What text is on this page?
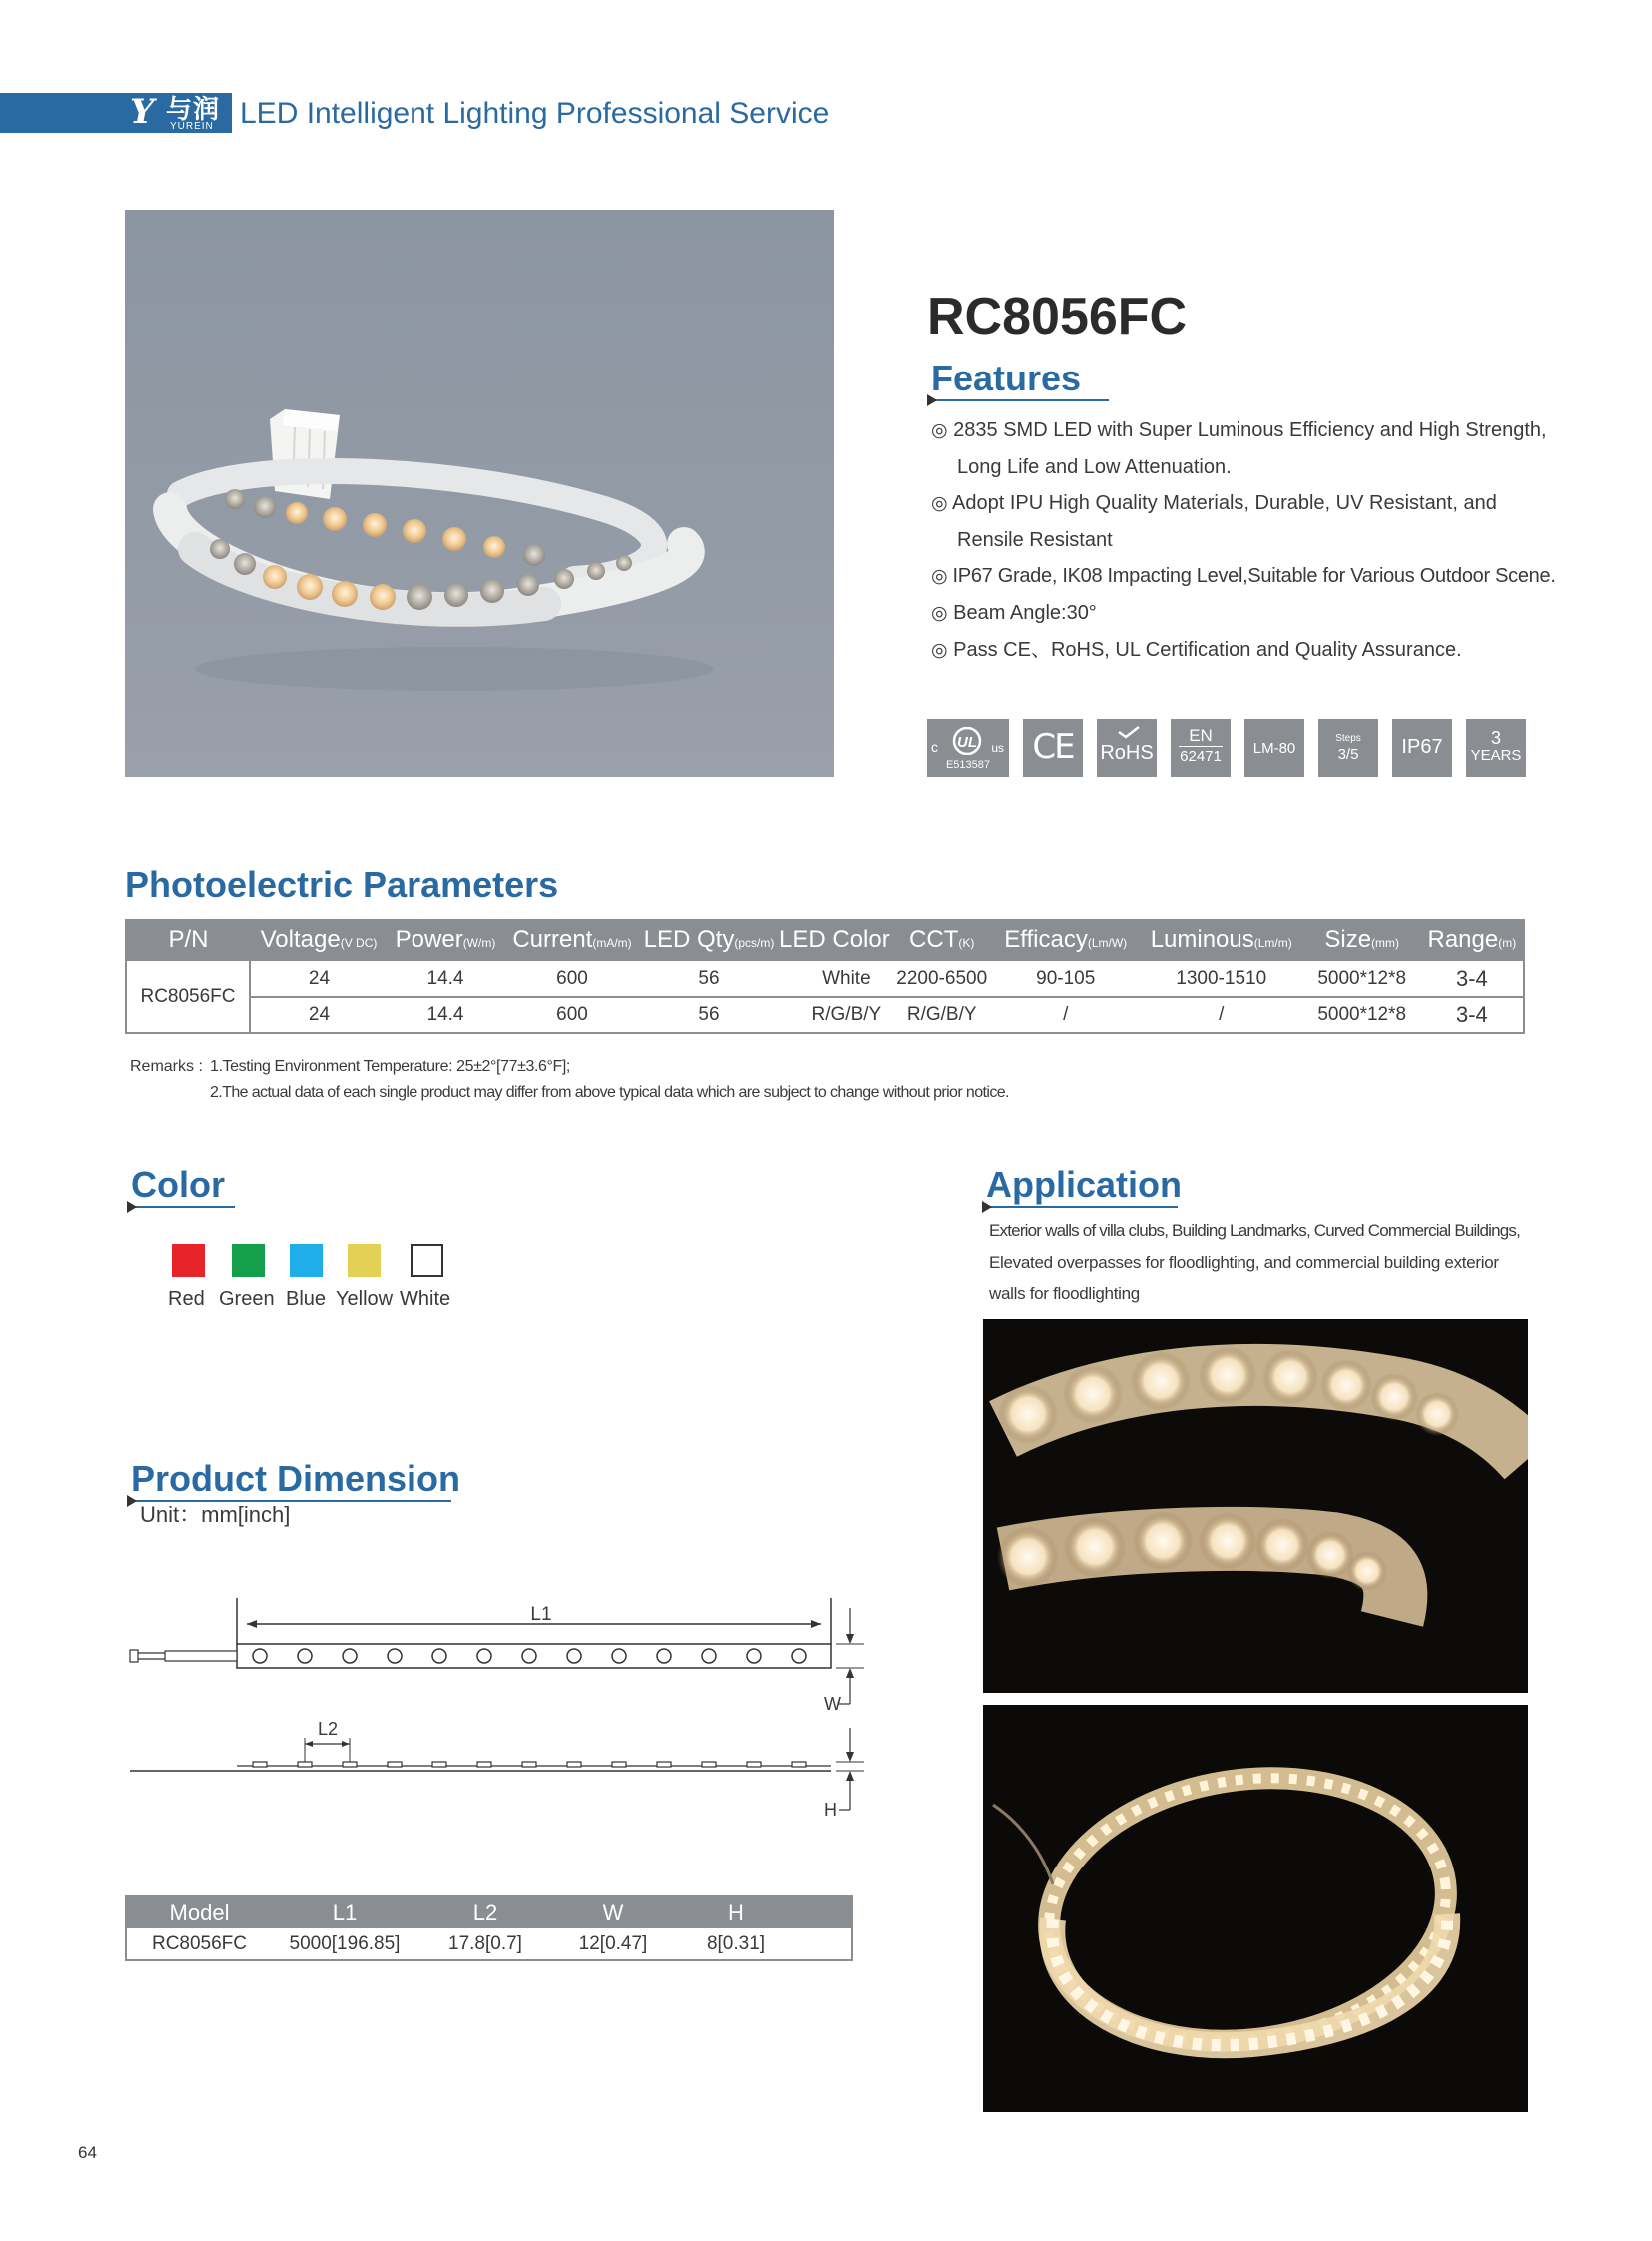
Y 与润
YUREIN LED Intelligent Lighting Professional Service
RC8056FC
Features
◎ 2835 SMD LED with Super Luminous Efficiency and High Strength,
Long Life and Low Attenuation.
◎ Adopt IPU High Quality Materials, Durable, UV Resistant, and
Rensile Resistant
◎ IP67 Grade, IK08 Impacting Level,Suitable for Various Outdoor Scene.
◎ Beam Angle:30°
◎ Pass CE、RoHS, UL Certification and Quality Assurance.
c UL us
E513587	CE	RoHS
EN
62471	LM-80
Steps
3/5	IP67	3
YEARS
Photoelectric Parameters
P/N	Voltage(V DC)	Power(W/m)	Current(mA/m)	LED Qty(pcs/m)	LED Color	CCT(K)	Efficacy(Lm/W)	Luminous(Lm/m)	Size(mm)	Range(m)
RC8056FC	24	14.4	600	56	White	2200-6500	90-105	1300-1510	5000*12*8	3-4
	24	14.4	600	56	R/G/B/Y	R/G/B/Y	/	/	5000*12*8	3-4
Remarks : 1.Testing Environment Temperature: 25±2°[77±3.6°F];
2.The actual data of each single product may differ from above typical data which are subject to change without prior notice.
Color
Red Green Blue Yellow White
Application
Exterior walls of villa clubs, Building Landmarks, Curved Commercial Buildings,
Elevated overpasses for floodlighting, and commercial building exterior
walls for floodlighting
Product Dimension
Unit：mm[inch]
L1
W
L2
H
Model	L1	L2	W	H	
RC8056FC	5000[196.85]	17.8[0.7]	12[0.47]	8[0.31]	
64
